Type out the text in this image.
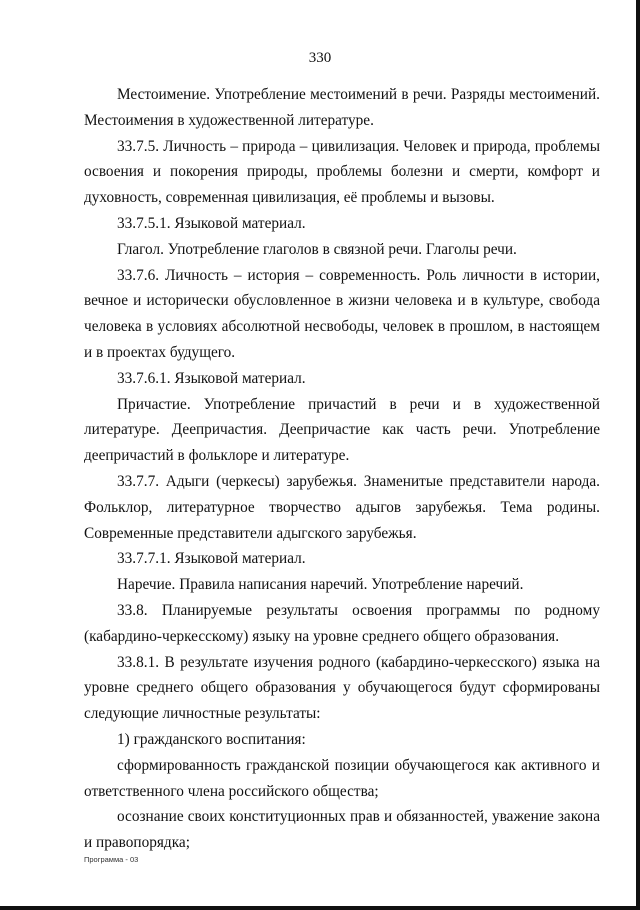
330

Местоимение. Употребление местоимений в речи. Разряды местоимений. Местоимения в художественной литературе.

33.7.5. Личность – природа – цивилизация. Человек и природа, проблемы освоения и покорения природы, проблемы болезни и смерти, комфорт и духовность, современная цивилизация, её проблемы и вызовы.

33.7.5.1. Языковой материал.

Глагол. Употребление глаголов в связной речи. Глаголы речи.

33.7.6. Личность – история – современность. Роль личности в истории, вечное и исторически обусловленное в жизни человека и в культуре, свобода человека в условиях абсолютной несвободы, человек в прошлом, в настоящем и в проектах будущего.

33.7.6.1. Языковой материал.

Причастие. Употребление причастий в речи и в художественной литературе. Деепричастия. Деепричастие как часть речи. Употребление деепричастий в фольклоре и литературе.

33.7.7. Адыги (черкесы) зарубежья. Знаменитые представители народа. Фольклор, литературное творчество адыгов зарубежья. Тема родины. Современные представители адыгского зарубежья.

33.7.7.1. Языковой материал.

Наречие. Правила написания наречий. Употребление наречий.

33.8. Планируемые результаты освоения программы по родному (кабардино-черкесскому) языку на уровне среднего общего образования.

33.8.1. В результате изучения родного (кабардино-черкесского) языка на уровне среднего общего образования у обучающегося будут сформированы следующие личностные результаты:

1) гражданского воспитания:

сформированность гражданской позиции обучающегося как активного и ответственного члена российского общества;

осознание своих конституционных прав и обязанностей, уважение закона и правопорядка;

Программа - 03
